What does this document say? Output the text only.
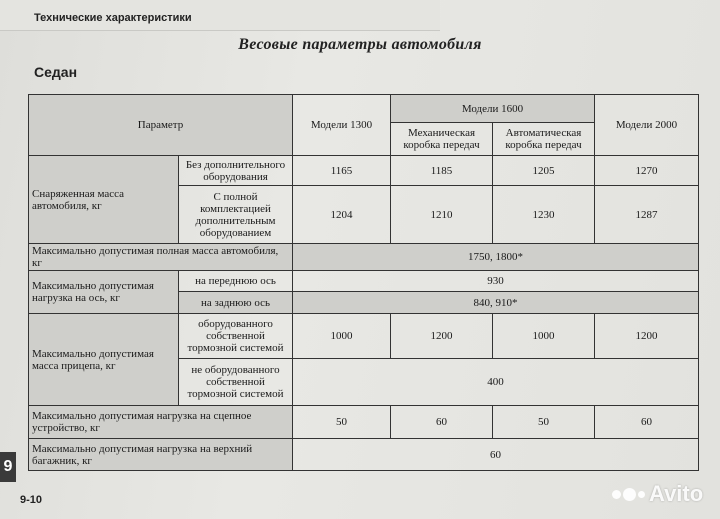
Технические характеристики
Весовые параметры автомобиля
Седан
Параметр		Модели 1300	Модели 1600		Модели 2000
			Механическая коробка передач	Автоматическая коробка передач	
Снаряженная масса автомобиля, кг	Без дополнительного оборудования	1165	1185	1205	1270
	С полной комплектацией дополнительным оборудованием	1204	1210	1230	1287
Максимально допустимая полная масса автомобиля, кг		1750, 1800*			
Максимально допустимая нагрузка на ось, кг	на переднюю ось	930			
	на заднюю ось	840, 910*			
Максимально допустимая масса прицепа, кг	оборудованного собственной тормозной системой	1000	1200	1000	1200
	не оборудованного собственной тормозной системой	400			
Максимально допустимая нагрузка на сцепное устройство, кг		50	60	50	60
Максимально допустимая нагрузка на верхний багажник, кг		60			
9
9-10	Avito
